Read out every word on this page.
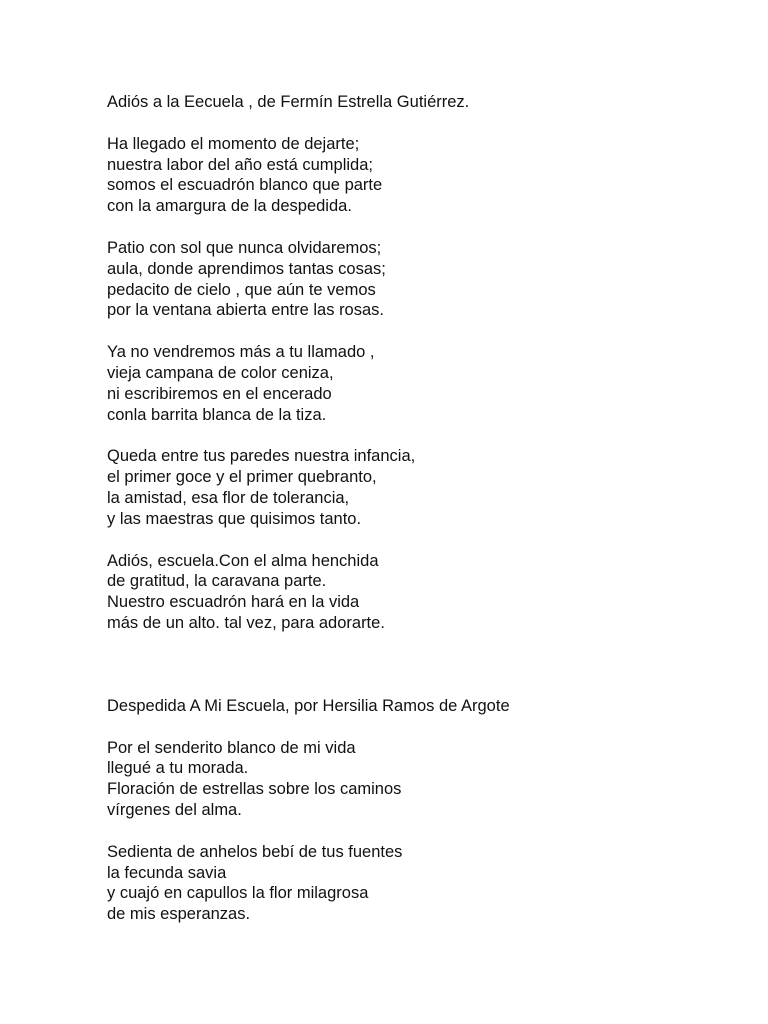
Adiós a la Eecuela , de Fermín Estrella Gutiérrez.
Ha llegado el momento de dejarte;
nuestra labor del año está cumplida;
somos el escuadrón blanco que parte
con la amargura de la despedida.
Patio con sol que nunca olvidaremos;
aula, donde aprendimos tantas cosas;
pedacito de cielo , que aún te vemos
por la ventana abierta entre las rosas.
Ya no vendremos más a tu llamado ,
vieja campana de color ceniza,
ni escribiremos en el encerado
conla barrita blanca de la tiza.
Queda entre tus paredes nuestra infancia,
el primer goce y el primer quebranto,
la amistad, esa flor de tolerancia,
y las maestras que quisimos tanto.
Adiós, escuela.Con el alma henchida
de gratitud, la caravana parte.
Nuestro escuadrón hará en la vida
más de un alto. tal vez, para adorarte.
Despedida A Mi Escuela, por Hersilia Ramos de Argote
Por el senderito blanco de mi vida
llegué a tu morada.
Floración de estrellas sobre los caminos
vírgenes del alma.
Sedienta de anhelos bebí de tus fuentes
la fecunda savia
y cuajó en capullos la flor milagrosa
de mis esperanzas.
